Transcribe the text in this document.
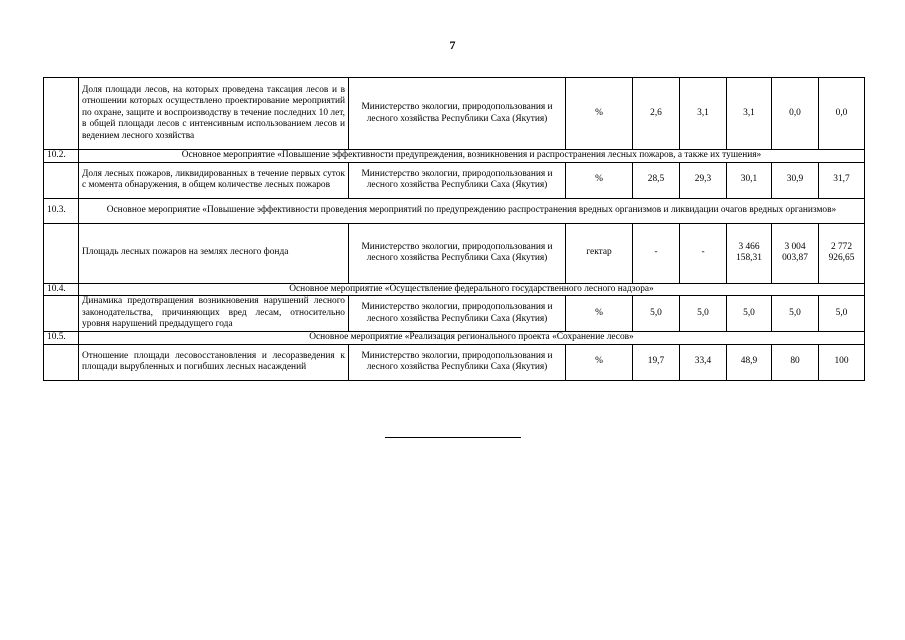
7
	Доля площади лесов, на которых проведена таксация лесов и в отношении которых осуществлено проектирование мероприятий по охране, защите и воспроизводству в течение последних 10 лет, в общей площади лесов с интенсивным использованием лесов и ведением лесного хозяйства	Министерство экологии, природопользования и лесного хозяйства Республики Саха (Якутия)	%	2,6	3,1	3,1	0,0	0,0
10.2.	Основное мероприятие «Повышение эффективности предупреждения, возникновения и распространения лесных пожаров, а также их тушения»							
	Доля лесных пожаров, ликвидированных в течение первых суток с момента обнаружения, в общем количестве лесных пожаров	Министерство экологии, природопользования и лесного хозяйства Республики Саха (Якутия)	%	28,5	29,3	30,1	30,9	31,7
10.3.	Основное мероприятие «Повышение эффективности проведения мероприятий по предупреждению распространения вредных организмов и ликвидации очагов вредных организмов»							
	Площадь лесных пожаров на землях лесного фонда	Министерство экологии, природопользования и лесного хозяйства Республики Саха (Якутия)	гектар	-	-	3 466 158,31	3 004 003,87	2 772 926,65
10.4.	Основное мероприятие «Осуществление федерального государственного лесного надзора»							
	Динамика предотвращения возникновения нарушений лесного законодательства, причиняющих вред лесам, относительно уровня нарушений предыдущего года	Министерство экологии, природопользования и лесного хозяйства Республики Саха (Якутия)	%	5,0	5,0	5,0	5,0	5,0
10.5.	Основное мероприятие «Реализация регионального проекта «Сохранение лесов»							
	Отношение площади лесовосстановления и лесоразведения к площади вырубленных и погибших лесных насаждений	Министерство экологии, природопользования и лесного хозяйства Республики Саха (Якутия)	%	19,7	33,4	48,9	80	100
